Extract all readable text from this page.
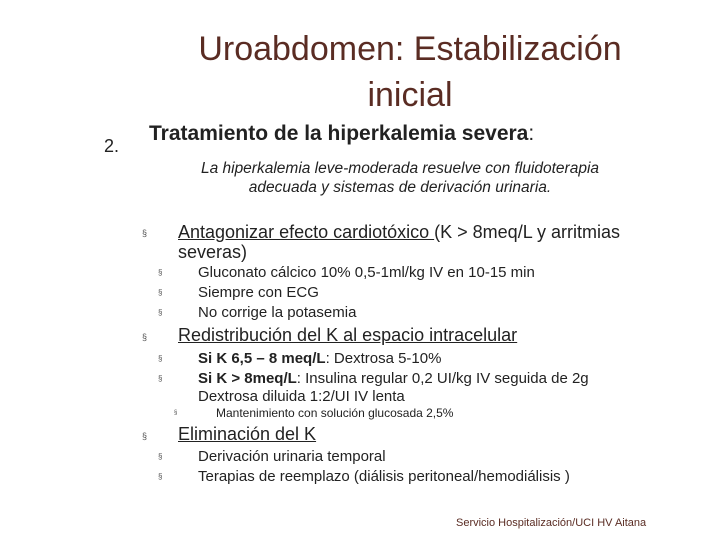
Uroabdomen: Estabilización
inicial
2.
Tratamiento de la hiperkalemia severa:
La hiperkalemia leve-moderada resuelve con fluidoterapia
adecuada y sistemas de derivación urinaria.
§ Antagonizar efecto cardiotóxico (K > 8meq/L y arritmias
severas)
§ Gluconato cálcico 10% 0,5-1ml/kg IV en 10-15 min
§ Siempre con ECG
§ No corrige la potasemia
§ Redistribución del K al espacio intracelular
§ Si K 6,5 – 8 meq/L: Dextrosa 5-10%
§ Si K > 8meq/L: Insulina regular 0,2 UI/kg IV seguida de 2g
Dextrosa diluida 1:2/UI IV lenta
§	Mantenimiento con solución glucosada 2,5%
§ Eliminación del K
§ Derivación urinaria temporal
§ Terapias de reemplazo (diálisis peritoneal/hemodiálisis )
Servicio Hospitalización/UCI HV Aitana
